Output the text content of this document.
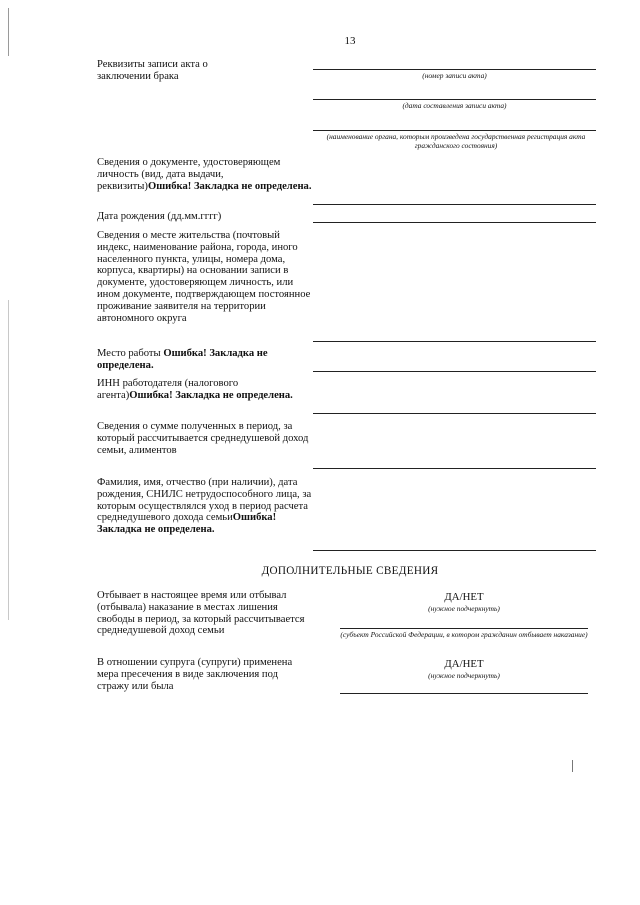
13
Реквизиты записи акта о заключении брака	(номер записи акта)
(дата составления записи акта)
(наименование органа, которым произведена государственная регистрация акта гражданского состояния)
Сведения о документе, удостоверяющем личность (вид, дата выдачи, реквизиты)Ошибка! Закладка не определена.
Дата рождения (дд.мм.гггг)
Сведения о месте жительства (почтовый индекс, наименование района, города, иного населенного пункта, улицы, номера дома, корпуса, квартиры) на основании записи в документе, удостоверяющем личность, или ином документе, подтверждающем постоянное проживание заявителя на территории автономного округа
Место работы Ошибка! Закладка не определена.
ИНН работодателя (налогового агента)Ошибка! Закладка не определена.
Сведения о сумме полученных в период, за который рассчитывается среднедушевой доход семьи, алиментов
Фамилия, имя, отчество (при наличии), дата рождения, СНИЛС нетрудоспособного лица, за которым осуществлялся уход в период расчета среднедушевого дохода семьиОшибка! Закладка не определена.
ДОПОЛНИТЕЛЬНЫЕ СВЕДЕНИЯ
Отбывает в настоящее время или отбывал (отбывала) наказание в местах лишения свободы в период, за который рассчитывается среднедушевой доход семьи
ДА/НЕТ
(нужное подчеркнуть)
(субъект Российской Федерации, в котором гражданин отбывает наказание)
В отношении супруга (супруги) применена мера пресечения в виде заключения под стражу или была
ДА/НЕТ
(нужное подчеркнуть)
